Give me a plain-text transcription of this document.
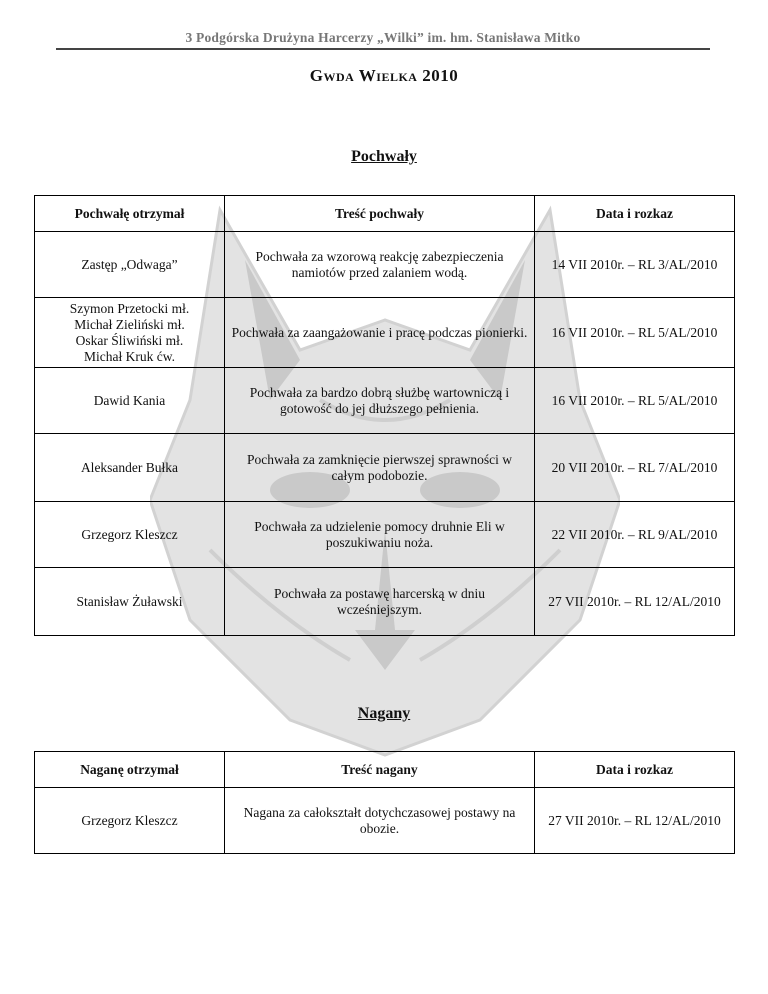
3 Podgórska Drużyna Harcerzy „Wilki” im. hm. Stanisława Mitko
Gwda Wielka 2010
Pochwały
Pochwałę otrzymał	Treść pochwały	Data i rozkaz
Zastęp „Odwaga”	Pochwała za wzorową reakcję zabezpieczenia namiotów przed zalaniem wodą.	14 VII 2010r. – RL 3/AL/2010

Szymon Przetocki mł.
Michał Zieliński mł.
Oskar Śliwiński mł.
Michał Kruk ćw.	Pochwała za zaangażowanie i pracę podczas pionierki.	16 VII 2010r. – RL 5/AL/2010
Dawid Kania	Pochwała za bardzo dobrą służbę wartowniczą i gotowość do jej dłuższego pełnienia.	16 VII 2010r. – RL 5/AL/2010
Aleksander Bułka	Pochwała za zamknięcie pierwszej sprawności w całym podobozie.	20 VII 2010r. – RL 7/AL/2010
Grzegorz Kleszcz	Pochwała za udzielenie pomocy druhnie Eli w poszukiwaniu noża.	22 VII 2010r. – RL 9/AL/2010
Stanisław Żuławski	Pochwała za postawę harcerską w dniu wcześniejszym.	27 VII 2010r. – RL 12/AL/2010
Nagany
Naganę otrzymał	Treść nagany	Data i rozkaz
Grzegorz Kleszcz	Nagana za całokształt dotychczasowej postawy na obozie.	27 VII 2010r. – RL 12/AL/2010
